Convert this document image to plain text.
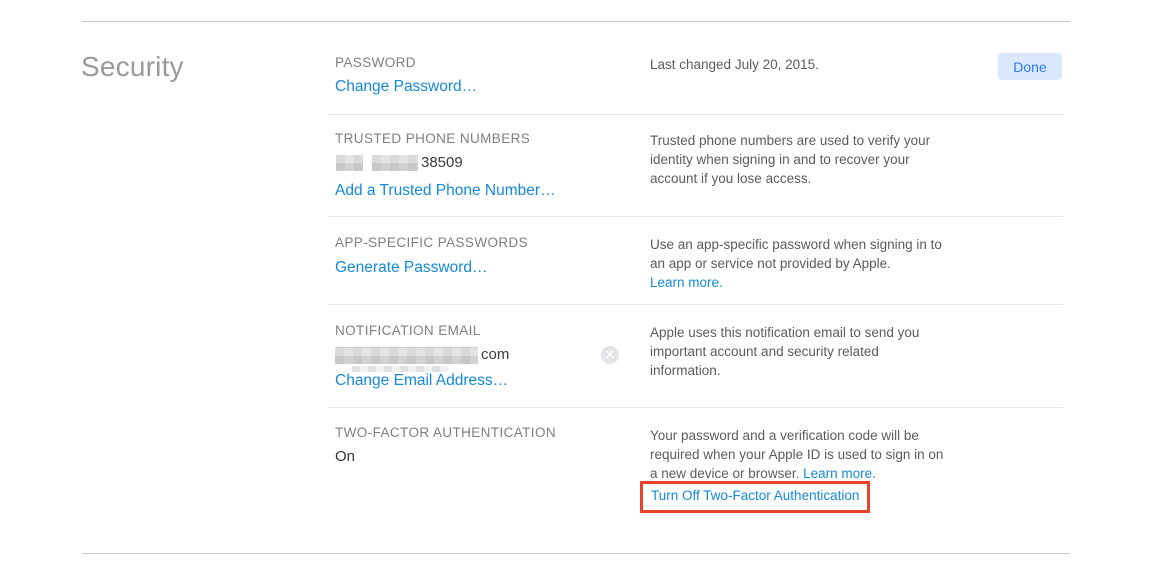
Security	Done
PASSWORD
Change Password…
Last changed July 20, 2015.
TRUSTED PHONE NUMBERS
38509
Add a Trusted Phone Number…
Trusted phone numbers are used to verify your identity when signing in and to recover your account if you lose access.
APP-SPECIFIC PASSWORDS
Generate Password…
Use an app-specific password when signing in to an app or service not provided by Apple.
Learn more.
NOTIFICATION EMAIL
com	✕
Change Email Address…
Apple uses this notification email to send you important account and security related information.
TWO-FACTOR AUTHENTICATION
On
Your password and a verification code will be required when your Apple ID is used to sign in on a new device or browser. Learn more.
Turn Off Two-Factor Authentication
